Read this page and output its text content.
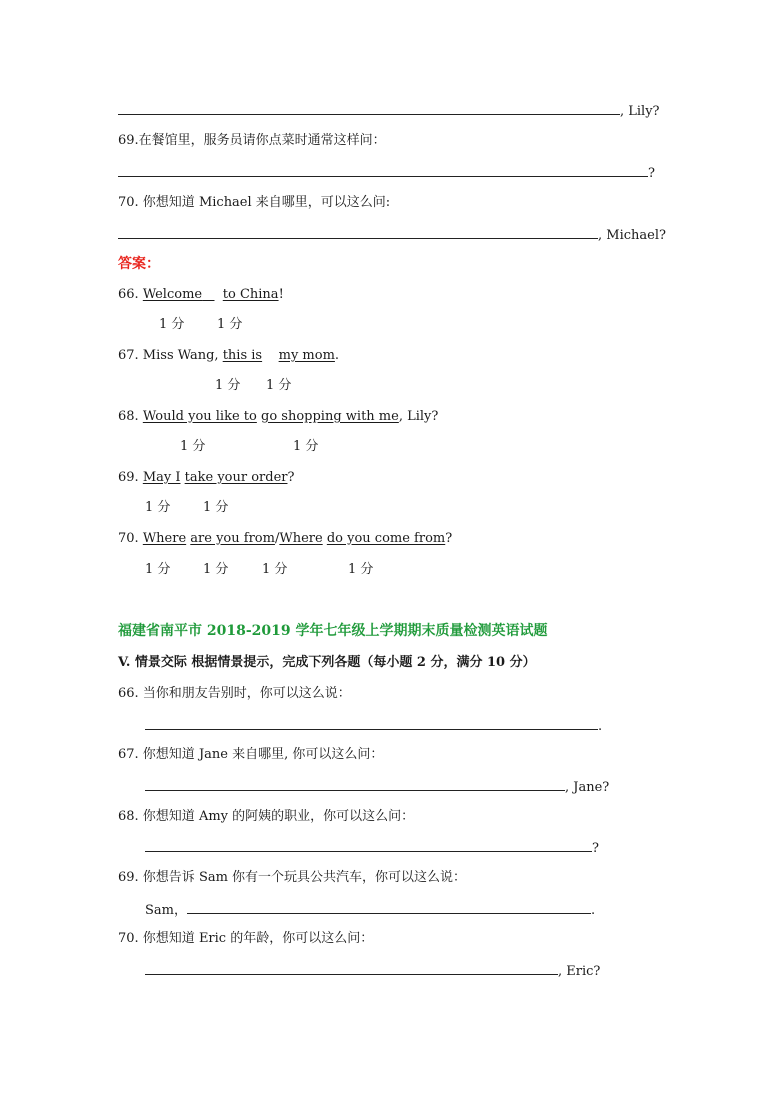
, Lily?
69.在餐馆里，服务员请你点菜时通常这样问：
?
70. 你想知道 Michael 来自哪里，可以这么问:
, Michael?
答案：
66. Welcome to China!
1 分	1 分
67. Miss Wang, this is my mom.
1 分 1 分
68. Would you like to go shopping with me, Lily?
1 分	1 分
69. May I take your order?
1 分	1 分
70. Where are you from/Where do you come from?
1 分	1 分	1 分	1 分
福建省南平市 2018-2019 学年七年级上学期期末质量检测英语试题
V. 情景交际 根据情景提示，完成下列各题（每小题 2 分，满分 10 分）
66. 当你和朋友告别时，你可以这么说：
.
67. 你想知道 Jane 来自哪里, 你可以这么问：
, Jane?
68. 你想知道 Amy 的阿姨的职业，你可以这么问：
?
69. 你想告诉 Sam 你有一个玩具公共汽车，你可以这么说：
Sam，	.
70. 你想知道 Eric 的年龄，你可以这么问：
, Eric?
